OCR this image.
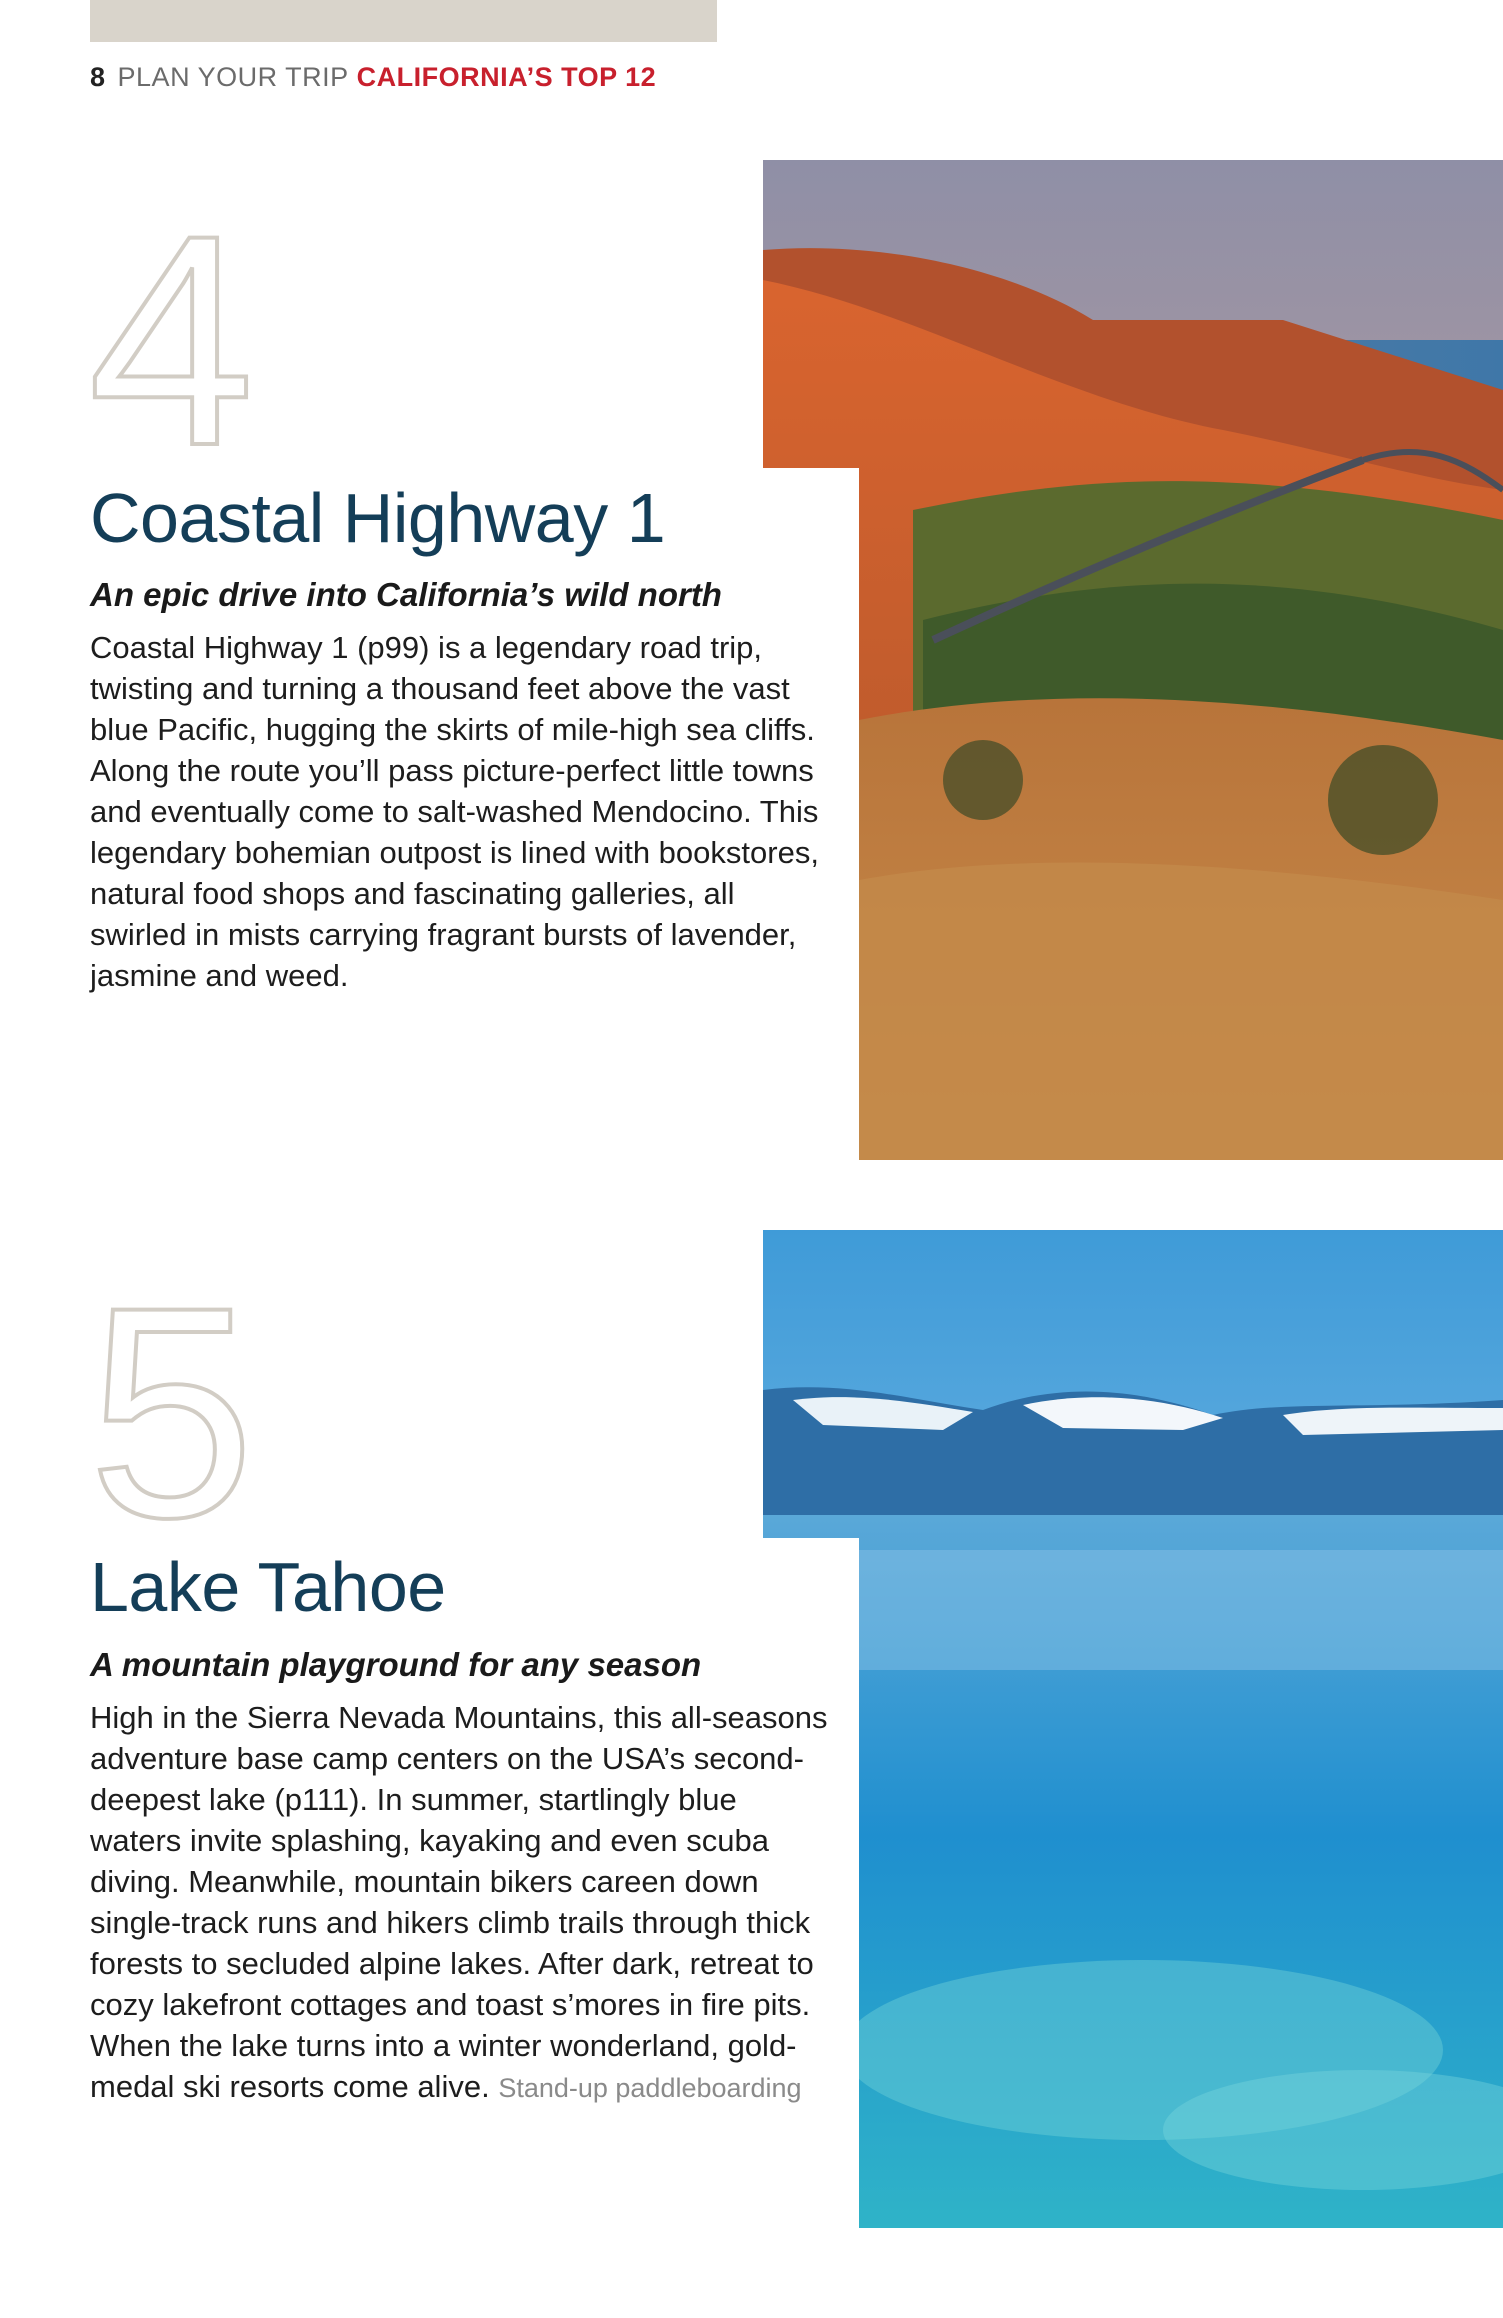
8 PLAN YOUR TRIP CALIFORNIA’S TOP 12
4
Coastal Highway 1
An epic drive into California’s wild north

Coastal Highway 1 (p99) is a legendary road trip, twisting and turning a thousand feet above the vast blue Pacific, hugging the skirts of mile-high sea cliffs. Along the route you’ll pass picture-perfect little towns and eventually come to salt-washed Mendocino. This legendary bohemian outpost is lined with bookstores, natural food shops and fascinating galleries, all swirled in mists carrying fragrant bursts of lavender, jasmine and weed.

5
Lake Tahoe
A mountain playground for any season

High in the Sierra Nevada Mountains, this all-seasons adventure base camp centers on the USA’s second-deepest lake (p111). In summer, startlingly blue waters invite splashing, kayaking and even scuba diving. Meanwhile, mountain bikers careen down single-track runs and hikers climb trails through thick forests to secluded alpine lakes. After dark, retreat to cozy lakefront cottages and toast s’mores in fire pits. When the lake turns into a winter wonderland, gold-medal ski resorts come alive. Stand-up paddleboarding
